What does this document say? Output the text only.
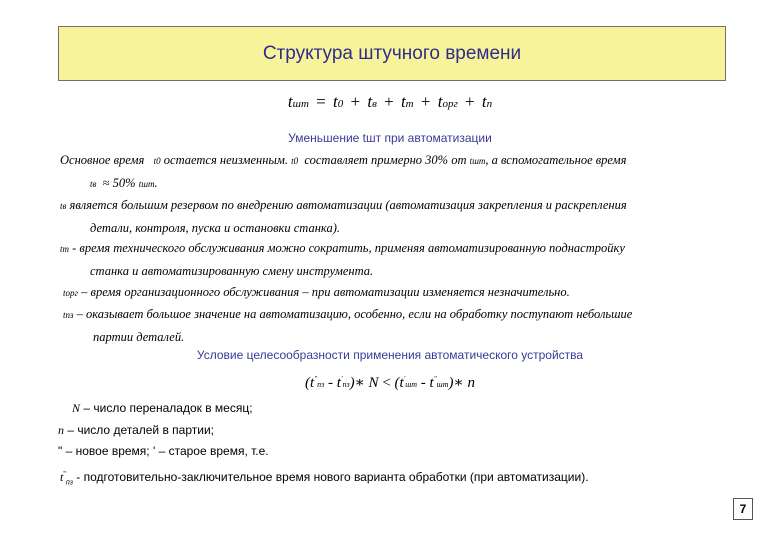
Структура штучного времени
tшт = t0 + tв + tт + tорг + tп
Уменьшение tшт при автоматизации
Основное время t0 остается неизменным. t0 составляет примерно 30% от tшт, а вспомогательное время
tв ≈ 50% tшт.
tв является большим резервом по внедрению автоматизации (автоматизация закрепления и раскрепления
детали, контроля, пуска и остановки станка).
tт - время технического обслуживания можно сократить, применяя автоматизированную поднастройку
станка и автоматизированную смену инструмента.
tорг – время организационного обслуживания – при автоматизации изменяется незначительно.
tпз – оказывает большое значение на автоматизацию, особенно, если на обработку поступают небольшие
партии деталей.
Условие целесообразности применения автоматического устройства
(t"пз - t'пз)∗ N < (t'шт - t"шт)∗ n
N – число переналадок в месяц;
n – число деталей в партии;
" – новое время; ' – старое время, т.е.
$t^"_{пз}$ - подготовительно-заключительное время нового варианта обработки (при автоматизации).
7
